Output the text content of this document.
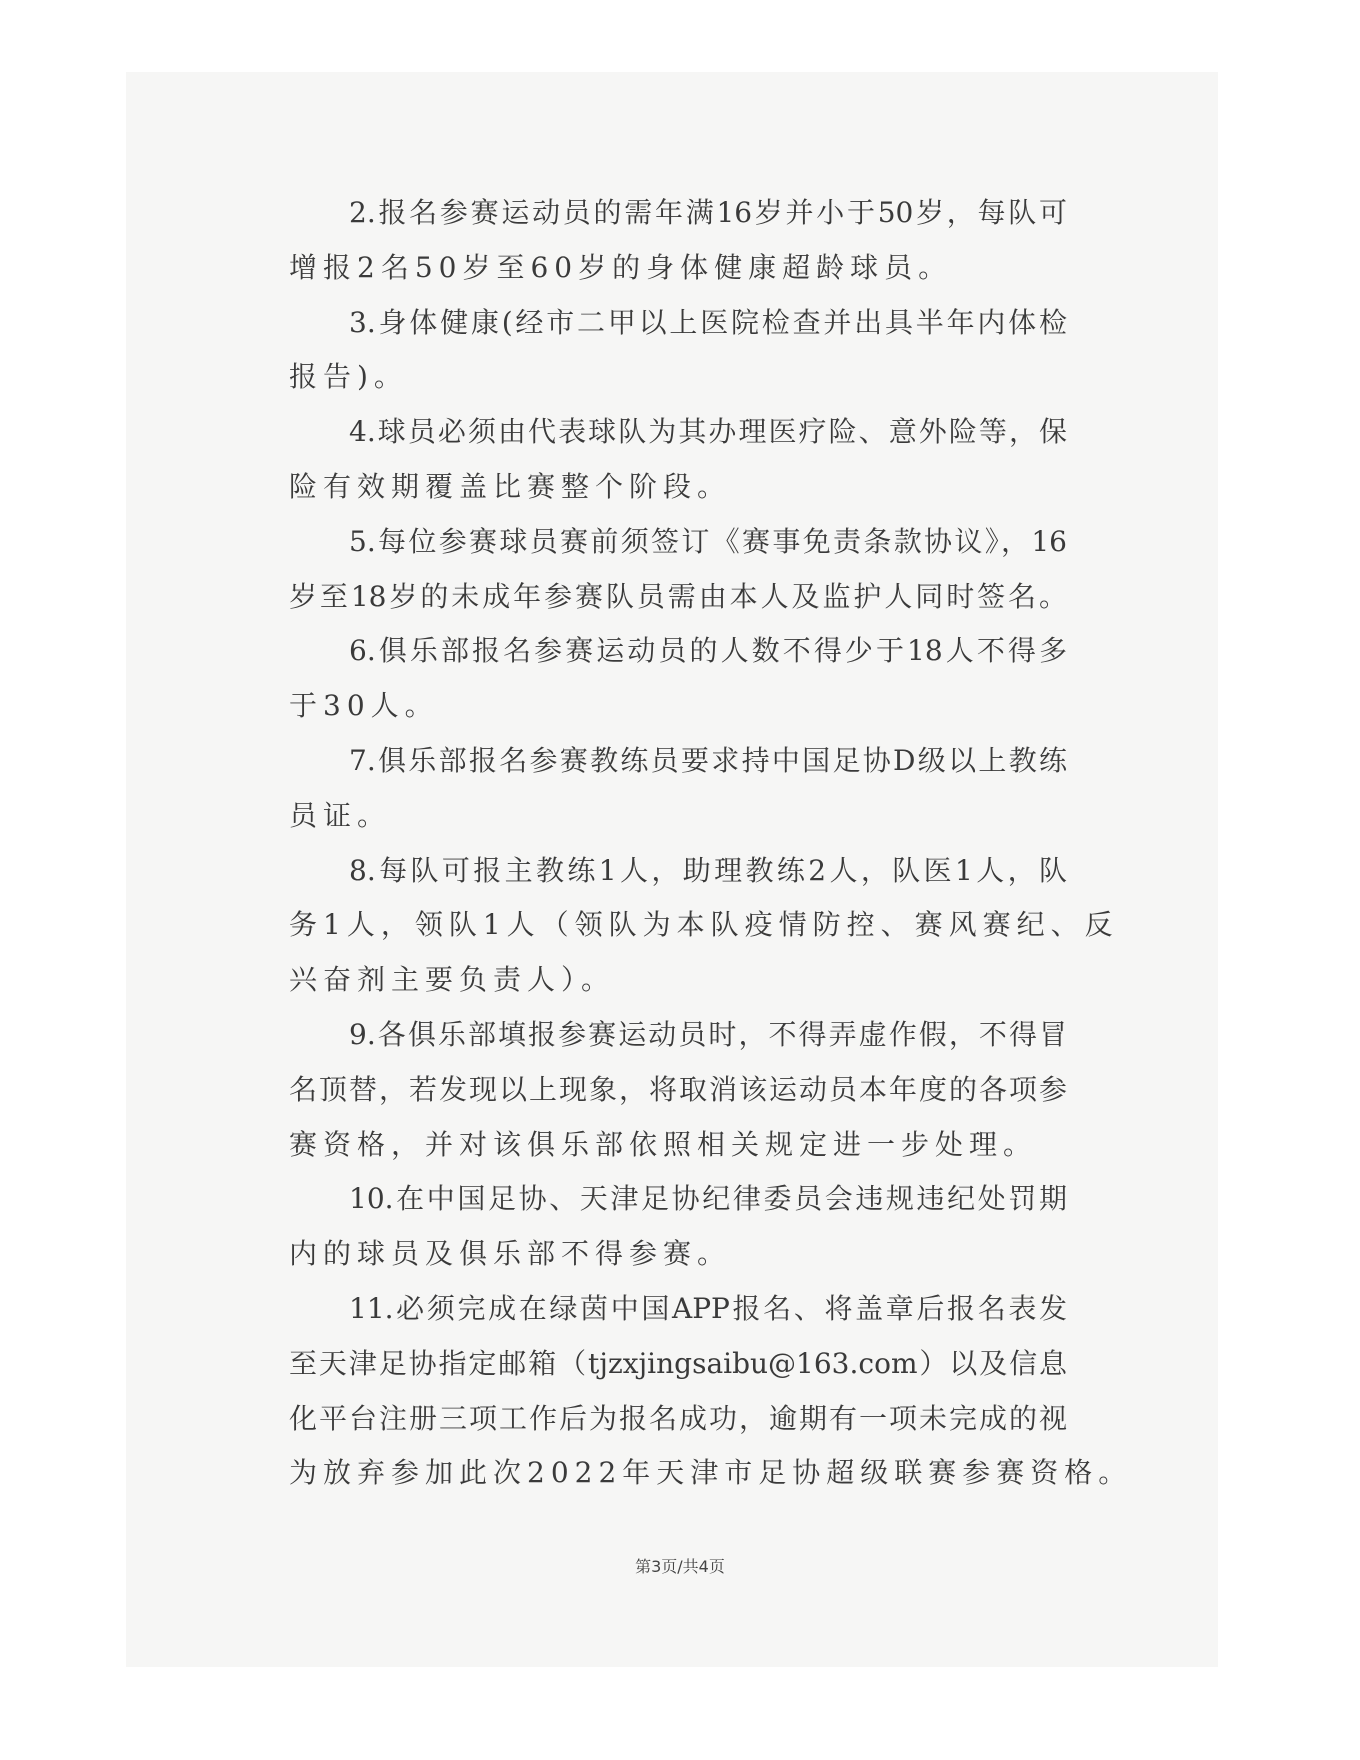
2.报名参赛运动员的需年满16岁并小于50岁，每队可
增报2名50岁至60岁的身体健康超龄球员。
3.身体健康(经市二甲以上医院检查并出具半年内体检
报告)。
4.球员必须由代表球队为其办理医疗险、意外险等，保
险有效期覆盖比赛整个阶段。
5.每位参赛球员赛前须签订《赛事免责条款协议》，16
岁至18岁的未成年参赛队员需由本人及监护人同时签名。
6.俱乐部报名参赛运动员的人数不得少于18人不得多
于30人。
7.俱乐部报名参赛教练员要求持中国足协D级以上教练
员证。
8.每队可报主教练1人，助理教练2人，队医1人，队
务1人，领队1人（领队为本队疫情防控、赛风赛纪、反
兴奋剂主要负责人）。
9.各俱乐部填报参赛运动员时，不得弄虚作假，不得冒
名顶替，若发现以上现象，将取消该运动员本年度的各项参
赛资格，并对该俱乐部依照相关规定进一步处理。
10.在中国足协、天津足协纪律委员会违规违纪处罚期
内的球员及俱乐部不得参赛。
11.必须完成在绿茵中国APP报名、将盖章后报名表发
至天津足协指定邮箱（tjzxjingsaibu@163.com）以及信息
化平台注册三项工作后为报名成功，逾期有一项未完成的视
为放弃参加此次2022年天津市足协超级联赛参赛资格。
第3页/共4页
